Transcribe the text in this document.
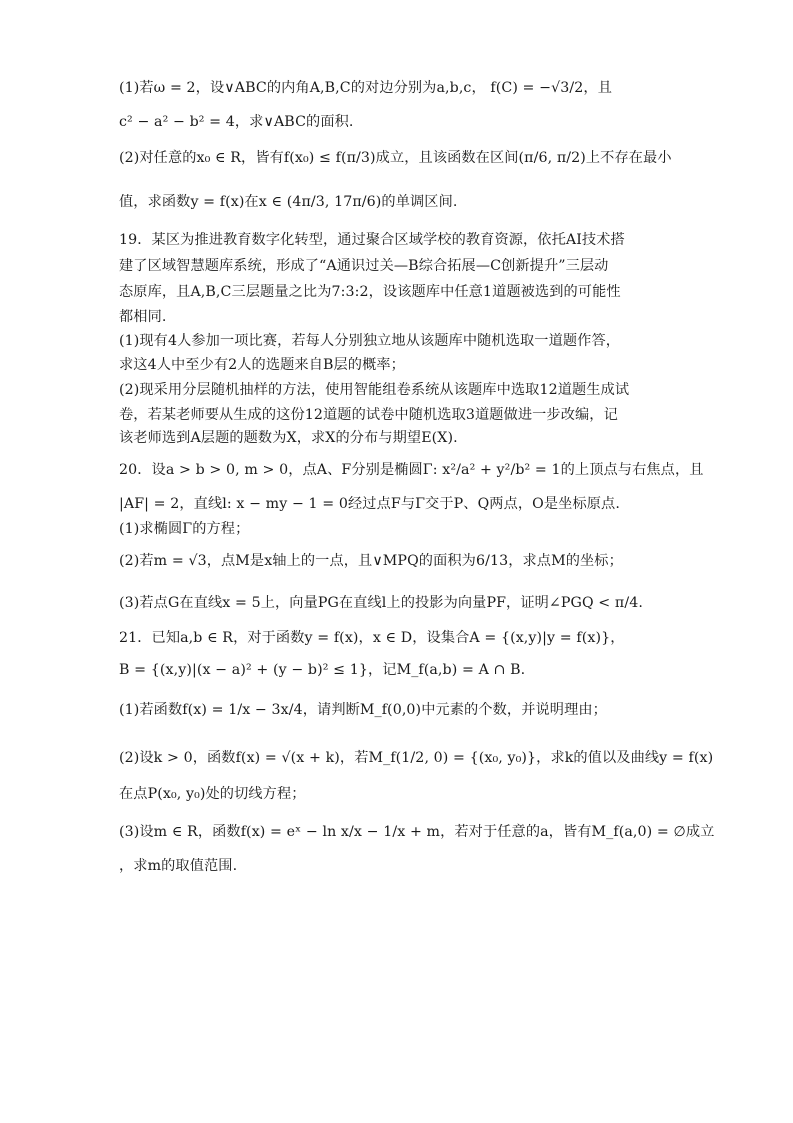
(1)若ω = 2，设∨ABC的内角A,B,C的对边分别为a,b,c， f(C) = −√3/2，且
c² − a² − b² = 4，求∨ABC的面积.
(2)对任意的x₀ ∈ R，皆有f(x₀) ≤ f(π/3)成立，且该函数在区间(π/6, π/2)上不存在最小
值，求函数y = f(x)在x ∈ (4π/3, 17π/6)的单调区间.
19．某区为推进教育数字化转型，通过聚合区域学校的教育资源，依托AI技术搭
建了区域智慧题库系统，形成了“A通识过关—B综合拓展—C创新提升”三层动
态原库，且A,B,C三层题量之比为7:3:2，设该题库中任意1道题被选到的可能性
都相同.
(1)现有4人参加一项比赛，若每人分别独立地从该题库中随机选取一道题作答，
求这4人中至少有2人的选题来自B层的概率；
(2)现采用分层随机抽样的方法，使用智能组卷系统从该题库中选取12道题生成试
卷，若某老师要从生成的这份12道题的试卷中随机选取3道题做进一步改编，记
该老师选到A层题的题数为X，求X的分布与期望E(X).
20．设a > b > 0, m > 0，点A、F分别是椭圆Γ: x²/a² + y²/b² = 1的上顶点与右焦点，且
|AF| = 2，直线l: x − my − 1 = 0经过点F与Γ交于P、Q两点，O是坐标原点.
(1)求椭圆Γ的方程；
(2)若m = √3，点M是x轴上的一点，且∨MPQ的面积为6/13，求点M的坐标；
(3)若点G在直线x = 5上，向量PG在直线l上的投影为向量PF，证明∠PGQ < π/4.
21．已知a,b ∈ R，对于函数y = f(x)，x ∈ D，设集合A = {(x,y)|y = f(x)}，
B = {(x,y)|(x − a)² + (y − b)² ≤ 1}，记M_f(a,b) = A ∩ B.
(1)若函数f(x) = 1/x − 3x/4，请判断M_f(0,0)中元素的个数，并说明理由；
(2)设k > 0，函数f(x) = √(x + k)，若M_f(1/2, 0) = {(x₀, y₀)}，求k的值以及曲线y = f(x)
在点P(x₀, y₀)处的切线方程；
(3)设m ∈ R，函数f(x) = eˣ − ln x/x − 1/x + m，若对于任意的a，皆有M_f(a,0) = ∅成立
，求m的取值范围.
